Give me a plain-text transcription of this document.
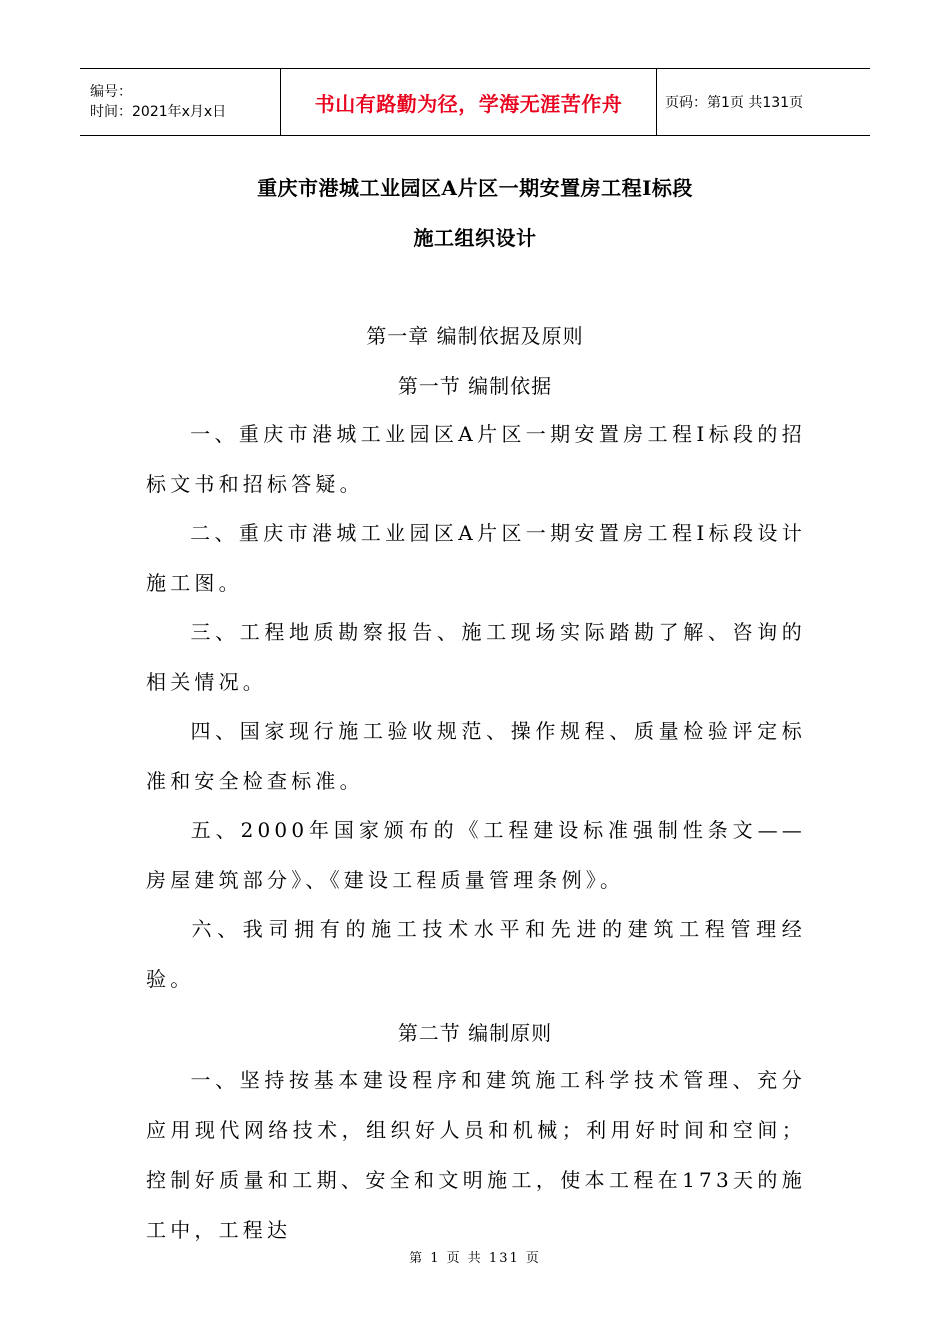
编号：
时间：2021年x月x日	书山有路勤为径，学海无涯苦作舟	页码：第1页 共131页
重庆市港城工业园区A片区一期安置房工程I标段
施工组织设计
第一章 编制依据及原则
第一节 编制依据
一、重庆市港城工业园区A片区一期安置房工程I标段的招标文书和招标答疑。
二、重庆市港城工业园区A片区一期安置房工程I标段设计施工图。
三、工程地质勘察报告、施工现场实际踏勘了解、咨询的相关情况。
四、国家现行施工验收规范、操作规程、质量检验评定标准和安全检查标准。
五、2000年国家颁布的《工程建设标准强制性条文——房屋建筑部分》、《建设工程质量管理条例》。
六、我司拥有的施工技术水平和先进的建筑工程管理经验。
第二节 编制原则
一、坚持按基本建设程序和建筑施工科学技术管理、充分应用现代网络技术，组织好人员和机械；利用好时间和空间；控制好质量和工期、安全和文明施工，使本工程在173天的施工中，工程达
第 1 页 共 131 页
